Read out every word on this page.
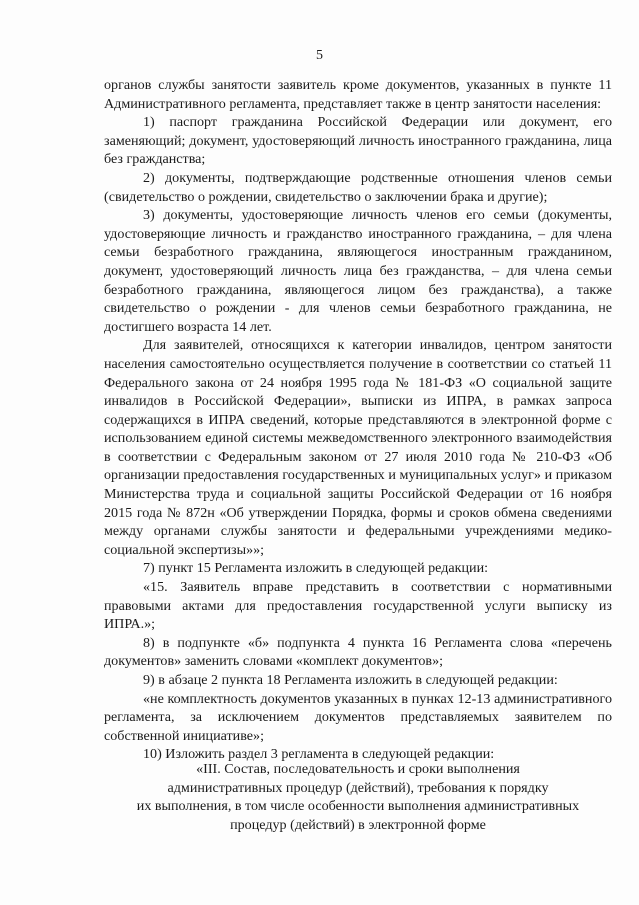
5

органов службы занятости заявитель кроме документов, указанных в пункте 11 Административного регламента, представляет также в центр занятости населения:

1) паспорт гражданина Российской Федерации или документ, его заменяющий; документ, удостоверяющий личность иностранного гражданина, лица без гражданства;

2) документы, подтверждающие родственные отношения членов семьи (свидетельство о рождении, свидетельство о заключении брака и другие);

3) документы, удостоверяющие личность членов его семьи (документы, удостоверяющие личность и гражданство иностранного гражданина, – для члена семьи безработного гражданина, являющегося иностранным гражданином, документ, удостоверяющий личность лица без гражданства, – для члена семьи безработного гражданина, являющегося лицом без гражданства), а также свидетельство о рождении - для членов семьи безработного гражданина, не достигшего возраста 14 лет.

Для заявителей, относящихся к категории инвалидов, центром занятости населения самостоятельно осуществляется получение в соответствии со статьей 11 Федерального закона от 24 ноября 1995 года № 181-ФЗ «О социальной защите инвалидов в Российской Федерации», выписки из ИПРА, в рамках запроса содержащихся в ИПРА сведений, которые представляются в электронной форме с использованием единой системы межведомственного электронного взаимодействия в соответствии с Федеральным законом от 27 июля 2010 года № 210-ФЗ «Об организации предоставления государственных и муниципальных услуг» и приказом Министерства труда и социальной защиты Российской Федерации от 16 ноября 2015 года № 872н «Об утверждении Порядка, формы и сроков обмена сведениями между органами службы занятости и федеральными учреждениями медико-социальной экспертизы»»;

7) пункт 15 Регламента изложить в следующей редакции:

«15. Заявитель вправе представить в соответствии с нормативными правовыми актами для предоставления государственной услуги выписку из ИПРА.»;

8) в подпункте «б» подпункта 4 пункта 16 Регламента слова «перечень документов» заменить словами «комплект документов»;

9) в абзаце 2 пункта 18 Регламента изложить в следующей редакции:

«не комплектность документов указанных в пунках 12-13 административного регламента, за исключением документов представляемых заявителем по собственной инициативе»;

10) Изложить раздел 3 регламента в следующей редакции:

«III. Состав, последовательность и сроки выполнения
административных процедур (действий), требования к порядку
их выполнения, в том числе особенности выполнения административных
процедур (действий) в электронной форме
